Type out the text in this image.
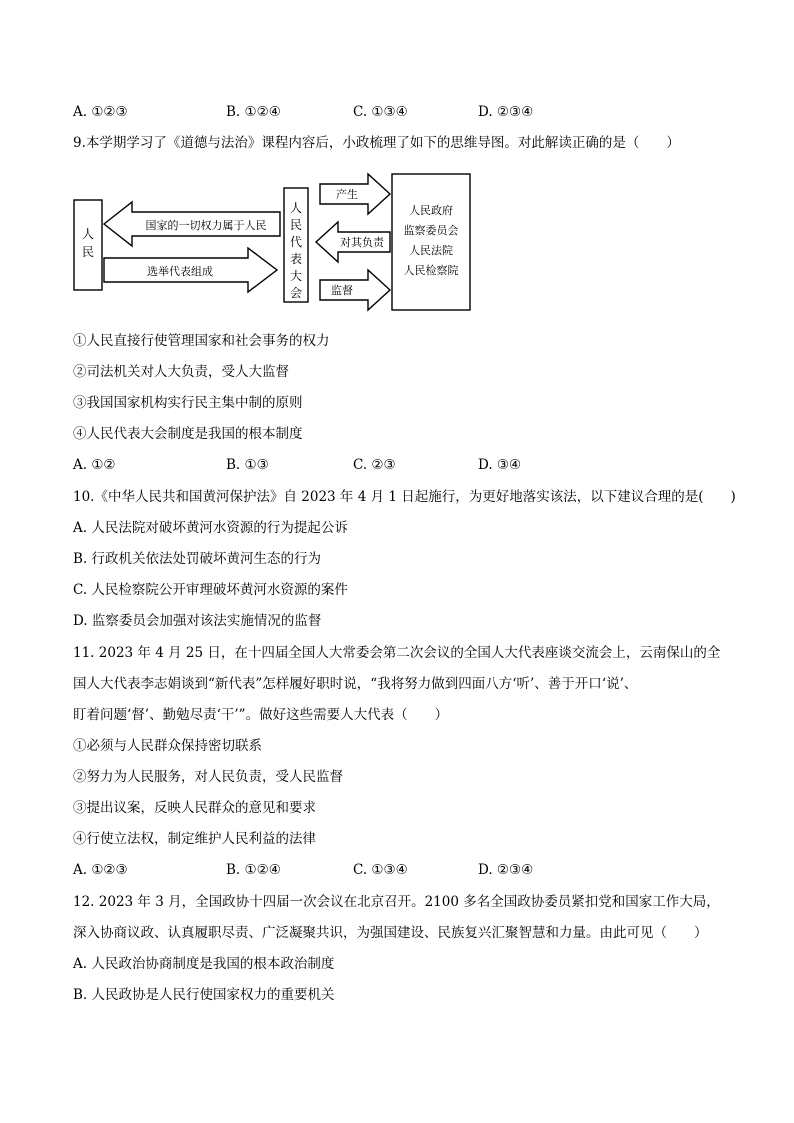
A. ①②③	B. ①②④	C. ①③④	D. ②③④
9.本学期学习了《道德与法治》课程内容后，小政梳理了如下的思维导图。对此解读正确的是（　　）
人
民
国家的一切权力属于人民
选举代表组成
人
民
代
表
大
会
产生
对其负责
监督
人民政府
监察委员会
人民法院
人民检察院
①人民直接行使管理国家和社会事务的权力
②司法机关对人大负责，受人大监督
③我国国家机构实行民主集中制的原则
④人民代表大会制度是我国的根本制度
A. ①②	B. ①③	C. ②③	D. ③④
10.《中华人民共和国黄河保护法》自 2023 年 4 月 1 日起施行，为更好地落实该法，以下建议合理的是(　　)
A. 人民法院对破坏黄河水资源的行为提起公诉
B. 行政机关依法处罚破坏黄河生态的行为
C. 人民检察院公开审理破坏黄河水资源的案件
D. 监察委员会加强对该法实施情况的监督
11. 2023 年 4 月 25 日，在十四届全国人大常委会第二次会议的全国人大代表座谈交流会上，云南保山的全
国人大代表李志娟谈到“新代表”怎样履好职时说，“我将努力做到四面八方‘听’、善于开口‘说’、
盯着问题‘督’、勤勉尽责‘干’”。做好这些需要人大代表（　　）
①必须与人民群众保持密切联系
②努力为人民服务，对人民负责，受人民监督
③提出议案，反映人民群众的意见和要求
④行使立法权，制定维护人民利益的法律
A. ①②③	B. ①②④	C. ①③④	D. ②③④
12. 2023 年 3 月，全国政协十四届一次会议在北京召开。2100 多名全国政协委员紧扣党和国家工作大局，
深入协商议政、认真履职尽责、广泛凝聚共识，为强国建设、民族复兴汇聚智慧和力量。由此可见（　　）
A. 人民政治协商制度是我国的根本政治制度
B. 人民政协是人民行使国家权力的重要机关
